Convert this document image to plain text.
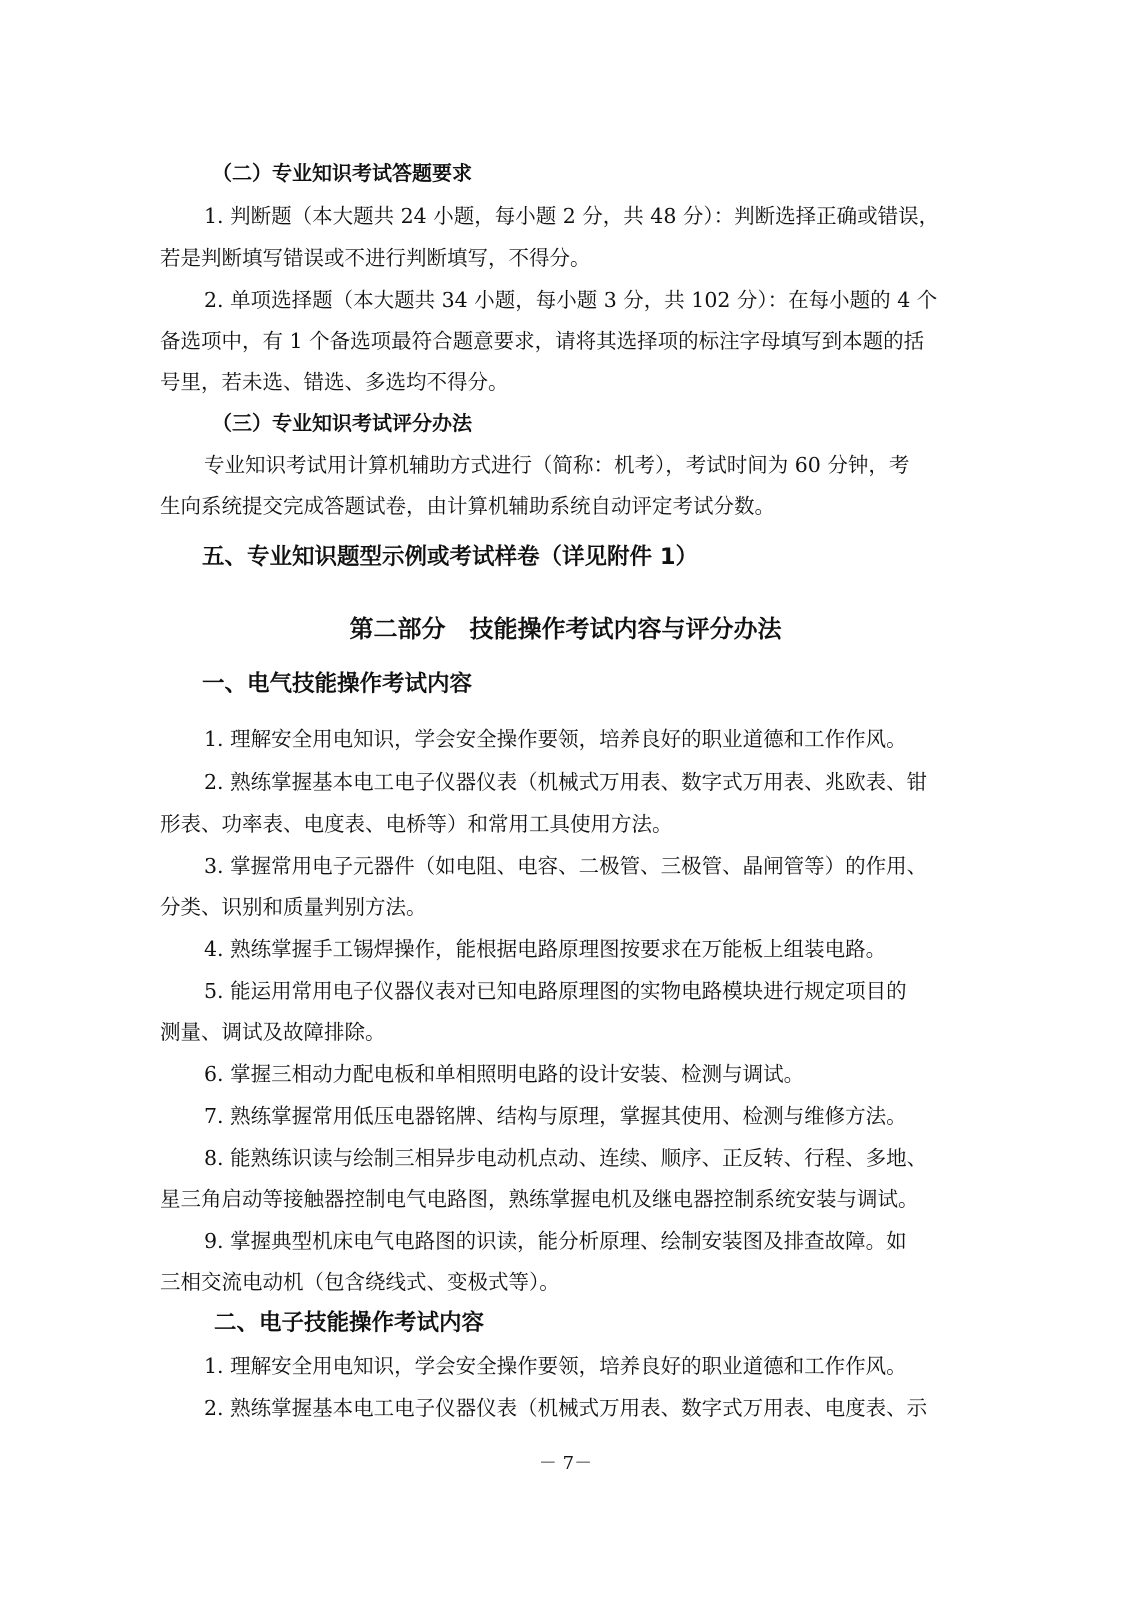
（二）专业知识考试答题要求
1. 判断题（本大题共 24 小题，每小题 2 分，共 48 分）：判断选择正确或错误，
若是判断填写错误或不进行判断填写，不得分。
2. 单项选择题（本大题共 34 小题，每小题 3 分，共 102 分）：在每小题的 4 个
备选项中，有 1 个备选项最符合题意要求，请将其选择项的标注字母填写到本题的括
号里，若未选、错选、多选均不得分。
（三）专业知识考试评分办法
专业知识考试用计算机辅助方式进行（简称：机考），考试时间为 60 分钟，考
生向系统提交完成答题试卷，由计算机辅助系统自动评定考试分数。
五、专业知识题型示例或考试样卷（详见附件 1）
第二部分　技能操作考试内容与评分办法
一、电气技能操作考试内容
1. 理解安全用电知识，学会安全操作要领，培养良好的职业道德和工作作风。
2. 熟练掌握基本电工电子仪器仪表（机械式万用表、数字式万用表、兆欧表、钳
形表、功率表、电度表、电桥等）和常用工具使用方法。
3. 掌握常用电子元器件（如电阻、电容、二极管、三极管、晶闸管等）的作用、
分类、识别和质量判别方法。
4. 熟练掌握手工锡焊操作，能根据电路原理图按要求在万能板上组装电路。
5. 能运用常用电子仪器仪表对已知电路原理图的实物电路模块进行规定项目的
测量、调试及故障排除。
6. 掌握三相动力配电板和单相照明电路的设计安装、检测与调试。
7. 熟练掌握常用低压电器铭牌、结构与原理，掌握其使用、检测与维修方法。
8. 能熟练识读与绘制三相异步电动机点动、连续、顺序、正反转、行程、多地、
星三角启动等接触器控制电气电路图，熟练掌握电机及继电器控制系统安装与调试。
9. 掌握典型机床电气电路图的识读，能分析原理、绘制安装图及排查故障。如
三相交流电动机（包含绕线式、变极式等）。
二、电子技能操作考试内容
1. 理解安全用电知识，学会安全操作要领，培养良好的职业道德和工作作风。
2. 熟练掌握基本电工电子仪器仪表（机械式万用表、数字式万用表、电度表、示
－ 7－
